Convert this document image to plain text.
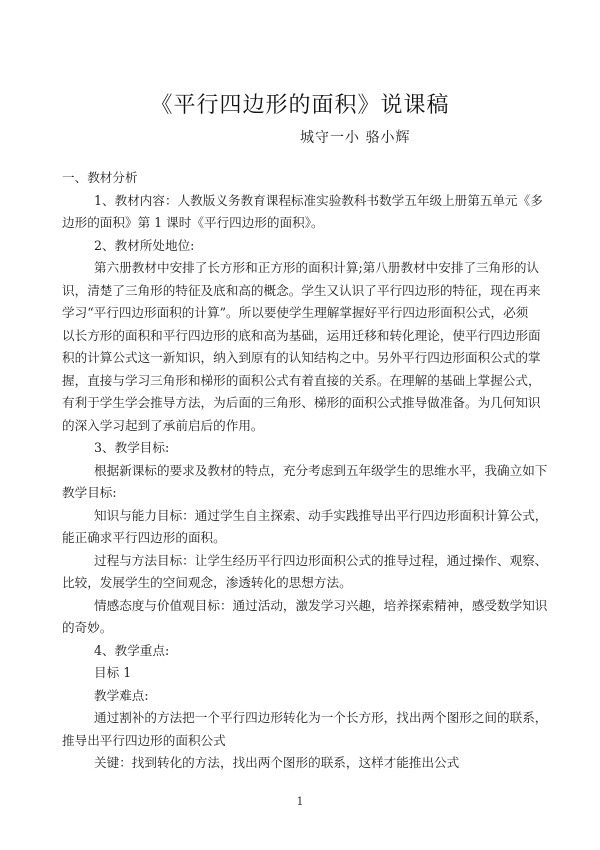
《平行四边形的面积》说课稿
城守一小 骆小辉
一、教材分析
1、教材内容：人教版义务教育课程标准实验教科书数学五年级上册第五单元《多
边形的面积》第 1 课时《平行四边形的面积》。
2、教材所处地位:
第六册教材中安排了长方形和正方形的面积计算;第八册教材中安排了三角形的认
识，清楚了三角形的特征及底和高的概念。学生又认识了平行四边形的特征，现在再来
学习“平行四边形面积的计算”。所以要使学生理解掌握好平行四边形面积公式，必须
以长方形的面积和平行四边形的底和高为基础，运用迁移和转化理论，使平行四边形面
积的计算公式这一新知识，纳入到原有的认知结构之中。另外平行四边形面积公式的掌
握，直接与学习三角形和梯形的面积公式有着直接的关系。在理解的基础上掌握公式，
有利于学生学会推导方法，为后面的三角形、梯形的面积公式推导做准备。为几何知识
的深入学习起到了承前启后的作用。
3、教学目标:
根据新课标的要求及教材的特点，充分考虑到五年级学生的思维水平，我确立如下
教学目标:
知识与能力目标：通过学生自主探索、动手实践推导出平行四边形面积计算公式，
能正确求平行四边形的面积。
过程与方法目标：让学生经历平行四边形面积公式的推导过程，通过操作、观察、
比较，发展学生的空间观念，渗透转化的思想方法。
情感态度与价值观目标：通过活动，激发学习兴趣，培养探索精神，感受数学知识
的奇妙。
4、教学重点:
目标 1
教学难点:
通过割补的方法把一个平行四边形转化为一个长方形，找出两个图形之间的联系，
推导出平行四边形的面积公式
关键：找到转化的方法，找出两个图形的联系，这样才能推出公式
1
